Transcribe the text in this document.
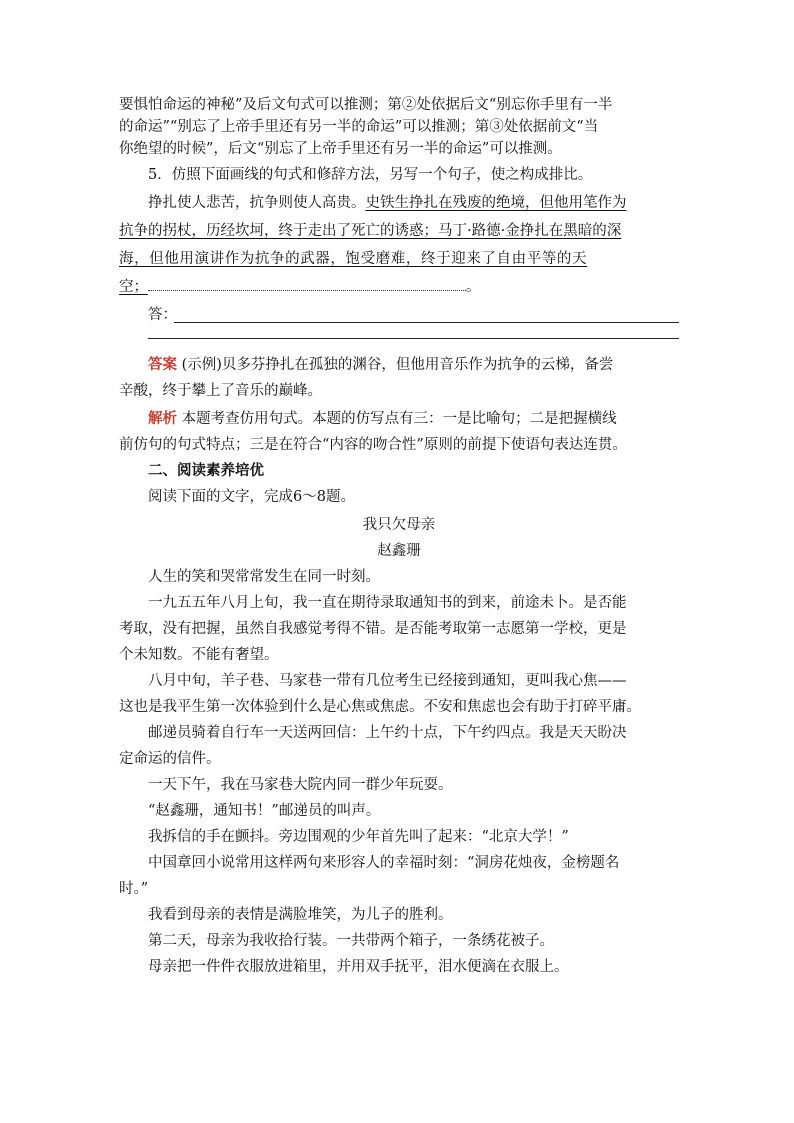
要惧怕命运的神秘”及后文句式可以推测；第②处依据后文“别忘你手里有一半
的命运”“别忘了上帝手里还有另一半的命运”可以推测；第③处依据前文“当
你绝望的时候”，后文“别忘了上帝手里还有另一半的命运”可以推测。
5．仿照下面画线的句式和修辞方法，另写一个句子，使之构成排比。
挣扎使人悲苦，抗争则使人高贵。史铁生挣扎在残废的绝境，但他用笔作为
抗争的拐杖，历经坎坷，终于走出了死亡的诱惑；马丁·路德·金挣扎在黑暗的深
海，但他用演讲作为抗争的武器，饱受磨难，终于迎来了自由平等的天
空；	。
答：
答案 (示例)贝多芬挣扎在孤独的渊谷，但他用音乐作为抗争的云梯，备尝
辛酸，终于攀上了音乐的巅峰。
解析 本题考查仿用句式。本题的仿写点有三：一是比喻句；二是把握横线
前仿句的句式特点；三是在符合“内容的吻合性”原则的前提下使语句表达连贯。
二、阅读素养培优
阅读下面的文字，完成6～8题。
我只欠母亲
赵鑫珊
人生的笑和哭常常发生在同一时刻。
一九五五年八月上旬，我一直在期待录取通知书的到来，前途未卜。是否能
考取，没有把握，虽然自我感觉考得不错。是否能考取第一志愿第一学校，更是
个未知数。不能有奢望。
八月中旬，羊子巷、马家巷一带有几位考生已经接到通知，更叫我心焦——
这也是我平生第一次体验到什么是心焦或焦虑。不安和焦虑也会有助于打碎平庸。
邮递员骑着自行车一天送两回信：上午约十点，下午约四点。我是天天盼决
定命运的信件。
一天下午，我在马家巷大院内同一群少年玩耍。
“赵鑫珊，通知书！”邮递员的叫声。
我拆信的手在颤抖。旁边围观的少年首先叫了起来：“北京大学！”
中国章回小说常用这样两句来形容人的幸福时刻：“洞房花烛夜，金榜题名
时。”
我看到母亲的表情是满脸堆笑，为儿子的胜利。
第二天，母亲为我收拾行装。一共带两个箱子，一条绣花被子。
母亲把一件件衣服放进箱里，并用双手抚平，泪水便滴在衣服上。
